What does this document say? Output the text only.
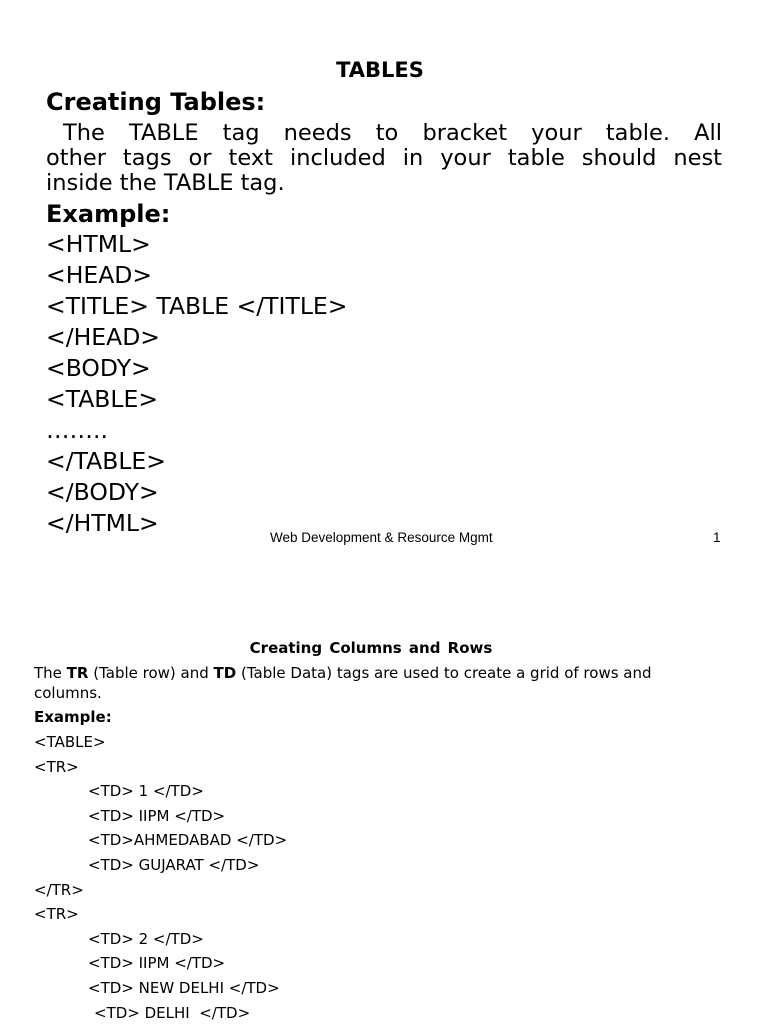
TABLES
Creating Tables:
The TABLE tag needs to bracket your table. All
other tags or text included in your table should nest
inside the TABLE tag.
Example:
<HTML>
<HEAD>
<TITLE> TABLE </TITLE>
</HEAD>
<BODY>
<TABLE>
……..
</TABLE>
</BODY>
</HTML>
Web Development & Resource Mgmt	1
Creating Columns and Rows
The TR (Table row) and TD (Table Data) tags are used to create a grid of rows and columns.
Example:
<TABLE>
<TR>
<TD> 1 </TD>
<TD> IIPM </TD>
<TD>AHMEDABAD </TD>
<TD> GUJARAT </TD>
</TR>
<TR>
<TD> 2 </TD>
<TD> IIPM </TD>
<TD> NEW DELHI </TD>
<TD> DELHI  </TD>
